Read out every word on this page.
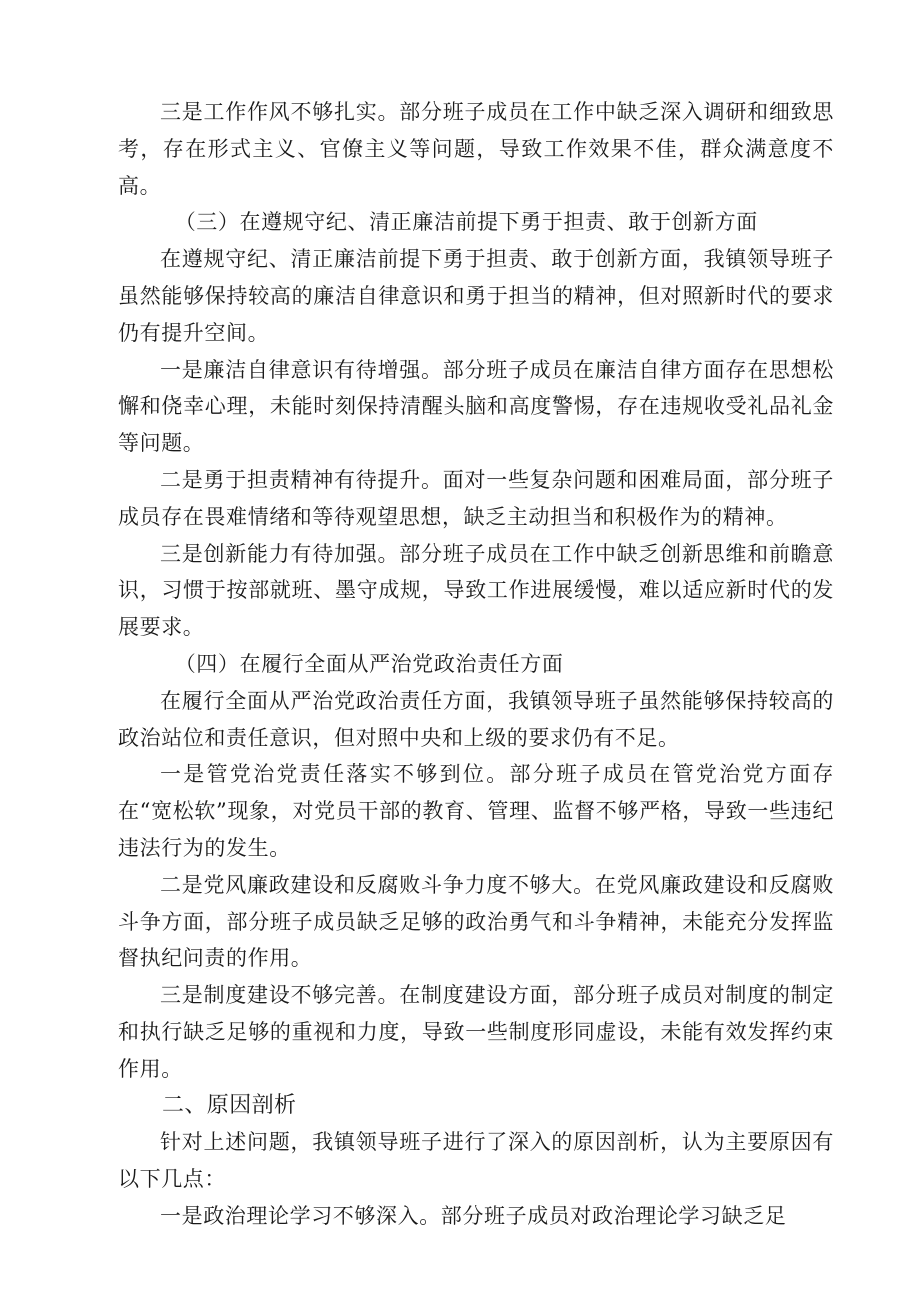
三是工作作风不够扎实。部分班子成员在工作中缺乏深入调研和细致思考，存在形式主义、官僚主义等问题，导致工作效果不佳，群众满意度不高。

（三）在遵规守纪、清正廉洁前提下勇于担责、敢于创新方面

在遵规守纪、清正廉洁前提下勇于担责、敢于创新方面，我镇领导班子虽然能够保持较高的廉洁自律意识和勇于担当的精神，但对照新时代的要求仍有提升空间。

一是廉洁自律意识有待增强。部分班子成员在廉洁自律方面存在思想松懈和侥幸心理，未能时刻保持清醒头脑和高度警惕，存在违规收受礼品礼金等问题。

二是勇于担责精神有待提升。面对一些复杂问题和困难局面，部分班子成员存在畏难情绪和等待观望思想，缺乏主动担当和积极作为的精神。

三是创新能力有待加强。部分班子成员在工作中缺乏创新思维和前瞻意识，习惯于按部就班、墨守成规，导致工作进展缓慢，难以适应新时代的发展要求。

（四）在履行全面从严治党政治责任方面

在履行全面从严治党政治责任方面，我镇领导班子虽然能够保持较高的政治站位和责任意识，但对照中央和上级的要求仍有不足。

一是管党治党责任落实不够到位。部分班子成员在管党治党方面存在“宽松软”现象，对党员干部的教育、管理、监督不够严格，导致一些违纪违法行为的发生。

二是党风廉政建设和反腐败斗争力度不够大。在党风廉政建设和反腐败斗争方面，部分班子成员缺乏足够的政治勇气和斗争精神，未能充分发挥监督执纪问责的作用。

三是制度建设不够完善。在制度建设方面，部分班子成员对制度的制定和执行缺乏足够的重视和力度，导致一些制度形同虚设，未能有效发挥约束作用。

二、原因剖析

针对上述问题，我镇领导班子进行了深入的原因剖析，认为主要原因有以下几点：

一是政治理论学习不够深入。部分班子成员对政治理论学习缺乏足
